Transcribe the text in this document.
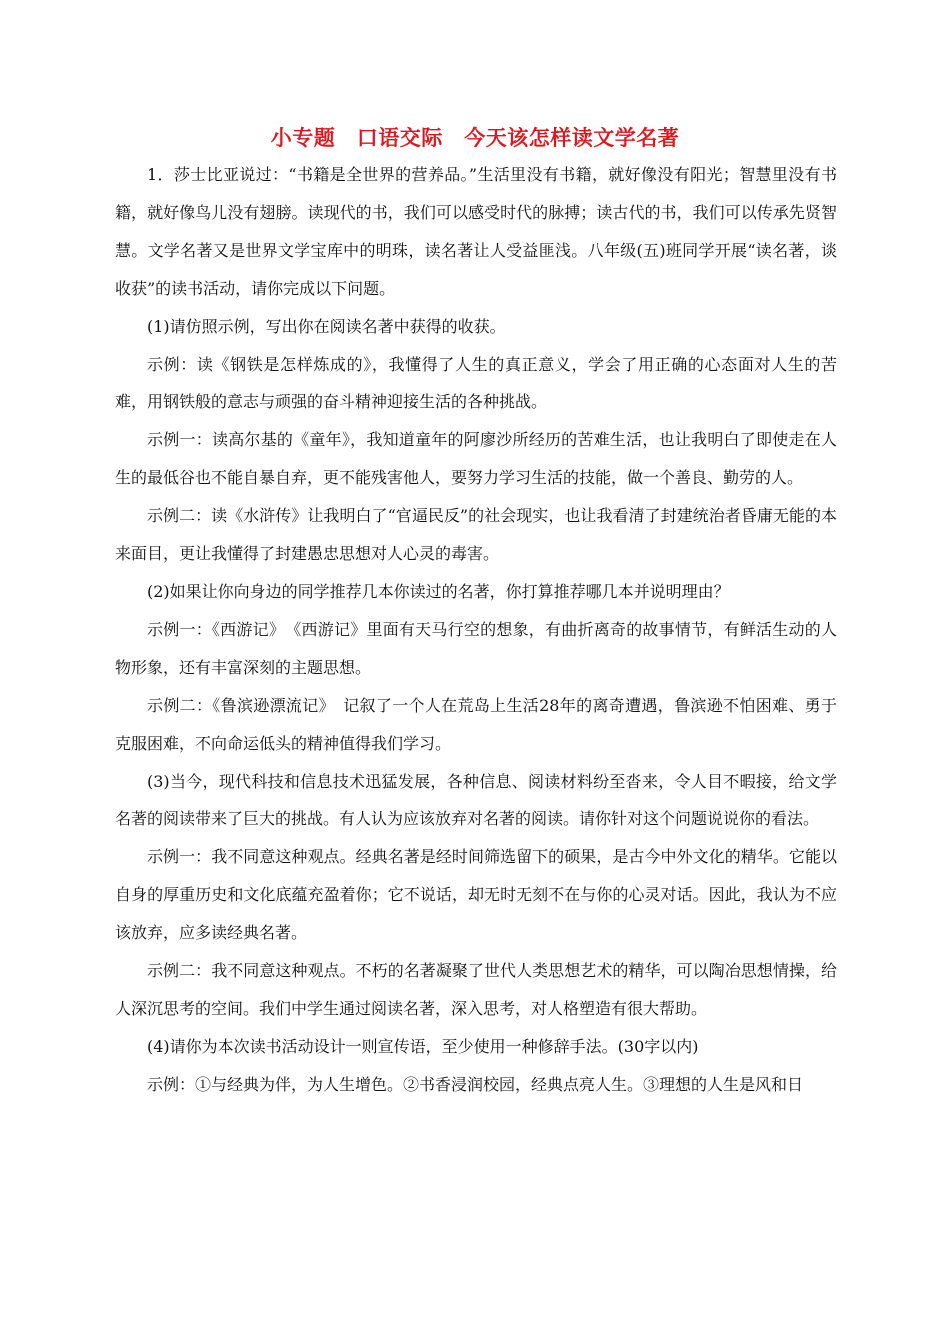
小专题　口语交际　今天该怎样读文学名著

1．莎士比亚说过：“书籍是全世界的营养品。”生活里没有书籍，就好像没有阳光；智慧里没有书籍，就好像鸟儿没有翅膀。读现代的书，我们可以感受时代的脉搏；读古代的书，我们可以传承先贤智慧。文学名著又是世界文学宝库中的明珠，读名著让人受益匪浅。八年级(五)班同学开展“读名著，谈收获”的读书活动，请你完成以下问题。

(1)请仿照示例，写出你在阅读名著中获得的收获。

示例：读《钢铁是怎样炼成的》，我懂得了人生的真正意义，学会了用正确的心态面对人生的苦难，用钢铁般的意志与顽强的奋斗精神迎接生活的各种挑战。

示例一：读高尔基的《童年》，我知道童年的阿廖沙所经历的苦难生活，也让我明白了即使走在人生的最低谷也不能自暴自弃，更不能残害他人，要努力学习生活的技能，做一个善良、勤劳的人。

示例二：读《水浒传》让我明白了“官逼民反”的社会现实，也让我看清了封建统治者昏庸无能的本来面目，更让我懂得了封建愚忠思想对人心灵的毒害。

(2)如果让你向身边的同学推荐几本你读过的名著，你打算推荐哪几本并说明理由？

示例一：《西游记》　《西游记》里面有天马行空的想象，有曲折离奇的故事情节，有鲜活生动的人物形象，还有丰富深刻的主题思想。

示例二：《鲁滨逊漂流记》　记叙了一个人在荒岛上生活28年的离奇遭遇，鲁滨逊不怕困难、勇于克服困难，不向命运低头的精神值得我们学习。

(3)当今，现代科技和信息技术迅猛发展，各种信息、阅读材料纷至沓来，令人目不暇接，给文学名著的阅读带来了巨大的挑战。有人认为应该放弃对名著的阅读。请你针对这个问题说说你的看法。

示例一：我不同意这种观点。经典名著是经时间筛选留下的硕果，是古今中外文化的精华。它能以自身的厚重历史和文化底蕴充盈着你；它不说话，却无时无刻不在与你的心灵对话。因此，我认为不应该放弃，应多读经典名著。

示例二：我不同意这种观点。不朽的名著凝聚了世代人类思想艺术的精华，可以陶冶思想情操，给人深沉思考的空间。我们中学生通过阅读名著，深入思考，对人格塑造有很大帮助。

(4)请你为本次读书活动设计一则宣传语，至少使用一种修辞手法。(30字以内)

示例：①与经典为伴，为人生增色。②书香浸润校园，经典点亮人生。③理想的人生是风和日
